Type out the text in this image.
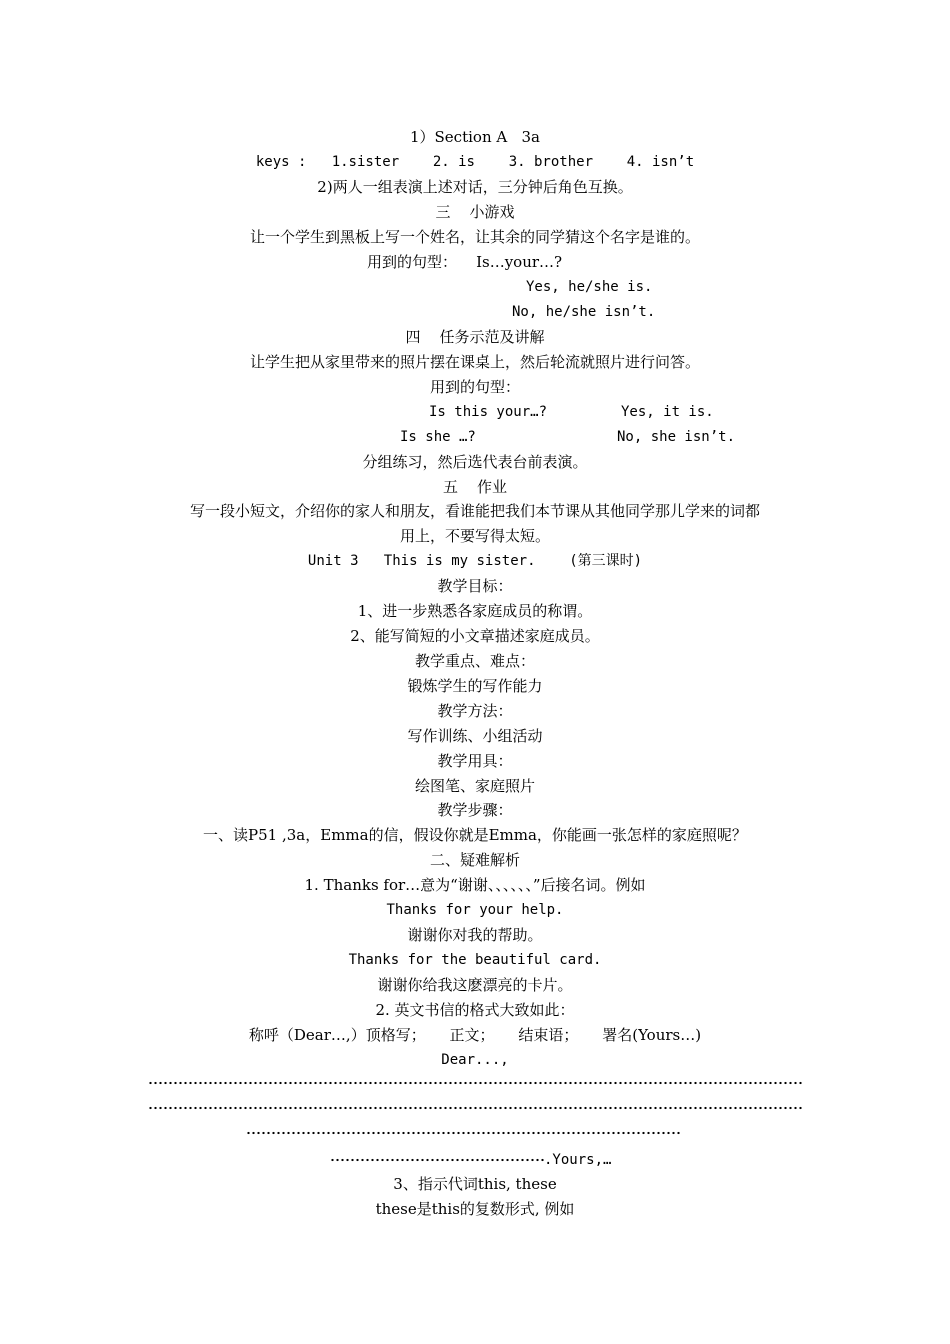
1）Section A   3a
keys :   1.sister    2. is    3. brother    4. isn’t
2)两人一组表演上述对话，三分钟后角色互换。
三    小游戏
让一个学生到黑板上写一个姓名，让其余的同学猜这个名字是谁的。
用到的句型：    Is…your…?
Yes, he/she is.
No, he/she isn’t.
四    任务示范及讲解
让学生把从家里带来的照片摆在课桌上，然后轮流就照片进行问答。
用到的句型：
Is this your…?	Yes, it is.
Is she …?	No, she isn’t.
分组练习，然后选代表台前表演。
五    作业
写一段小短文，介绍你的家人和朋友，看谁能把我们本节课从其他同学那儿学来的词都
用上，不要写得太短。
Unit 3   This is my sister.    (第三课时)
教学目标：
1、进一步熟悉各家庭成员的称谓。
2、能写简短的小文章描述家庭成员。
教学重点、难点：
锻炼学生的写作能力
教学方法：
写作训练、小组活动
教学用具：
绘图笔、家庭照片
教学步骤：
一、读P51 ,3a，Emma的信，假设你就是Emma，你能画一张怎样的家庭照呢？
二、疑难解析
1. Thanks for…意为“谢谢、、、、、、”后接名词。例如
Thanks for your help.
谢谢你对我的帮助。
Thanks for the beautiful card.
谢谢你给我这麽漂亮的卡片。
2. 英文书信的格式大致如此：
称呼（Dear…,）顶格写；     正文；     结束语；     署名(Yours…)
Dear...,
.Yours,…
3、指示代词this, these
these是this的复数形式, 例如
